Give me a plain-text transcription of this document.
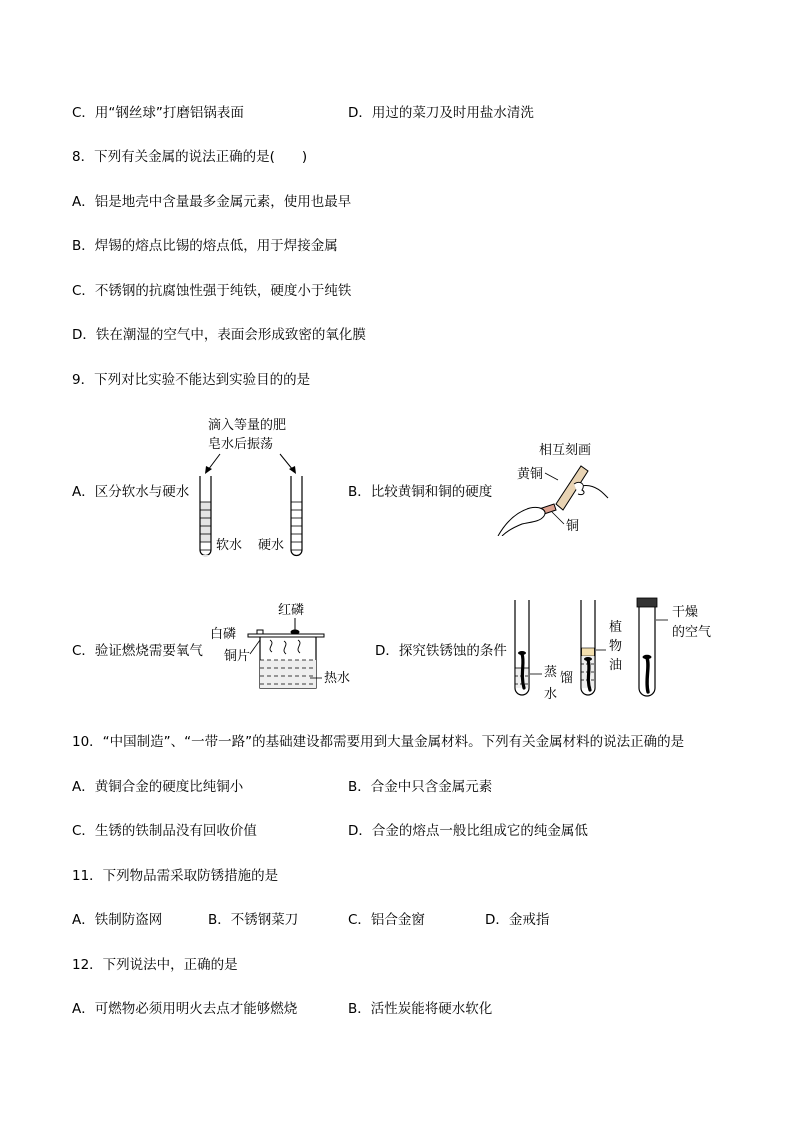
C．用“钢丝球”打磨铝锅表面	D．用过的菜刀及时用盐水清洗
8．下列有关金属的说法正确的是(　　)
A．铝是地壳中含量最多金属元素，使用也最早
B．焊锡的熔点比锡的熔点低，用于焊接金属
C．不锈钢的抗腐蚀性强于纯铁，硬度小于纯铁
D．铁在潮湿的空气中，表面会形成致密的氧化膜
9．下列对比实验不能达到实验目的的是
A．区分软水与硬水
滴入等量的肥
皂水后振荡
软水 硬水
B．比较黄铜和铜的硬度
相互刻画
黄铜
铜
C．验证燃烧需要氧气
红磷
白磷
铜片
热水
D．探究铁锈蚀的条件
蒸 馏
水
植
物
油
干燥
的空气
10．“中国制造”、“一带一路”的基础建设都需要用到大量金属材料。下列有关金属材料的说法正确的是
A．黄铜合金的硬度比纯铜小	B．合金中只含金属元素
C．生锈的铁制品没有回收价值	D．合金的熔点一般比组成它的纯金属低
11．下列物品需采取防锈措施的是
A．铁制防盗网	B．不锈钢菜刀	C．铝合金窗	D．金戒指
12．下列说法中，正确的是
A．可燃物必须用明火去点才能够燃烧	B．活性炭能将硬水软化
